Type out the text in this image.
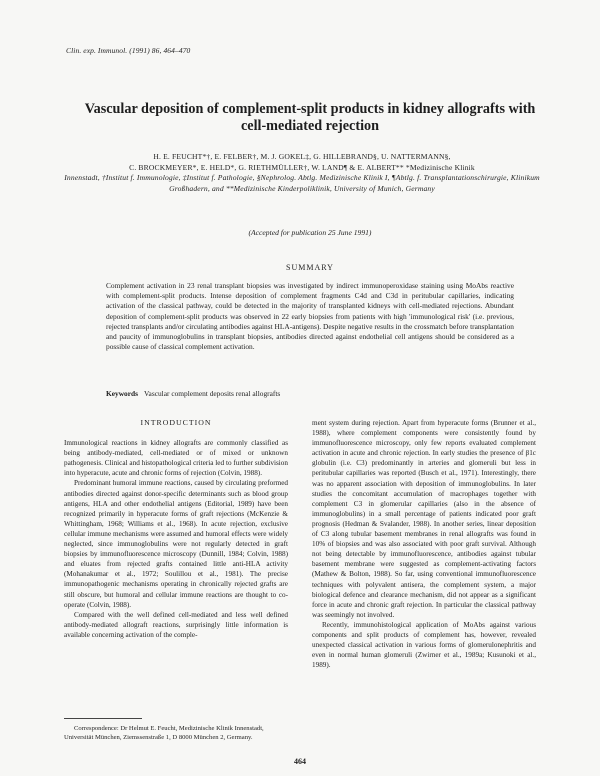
Clin. exp. Immunol. (1991) 86, 464–470
Vascular deposition of complement-split products in kidney allografts with cell-mediated rejection
H. E. FEUCHT*†, E. FELBER†, M. J. GOKEL‡, G. HILLEBRAND§, U. NATTERMANN§,
C. BROCKMEYER*, E. HELD*, G. RIETHMÜLLER†, W. LAND¶ & E. ALBERT** *Medizinische Klinik
Innenstadt, †Institut f. Immunologie, ‡Institut f. Pathologie, §Nephrolog. Abtlg. Medizinische Klinik I, ¶Abtlg. f. Transplantationschirurgie, Klinikum Großhadern, and **Medizinische Kinderpoliklinik, University of Munich, Germany
(Accepted for publication 25 June 1991)
SUMMARY
Complement activation in 23 renal transplant biopsies was investigated by indirect immunoperoxidase staining using MoAbs reactive with complement-split products. Intense deposition of complement fragments C4d and C3d in peritubular capillaries, indicating activation of the classical pathway, could be detected in the majority of transplanted kidneys with cell-mediated rejections. Abundant deposition of complement-split products was observed in 22 early biopsies from patients with high 'immunological risk' (i.e. previous, rejected transplants and/or circulating antibodies against HLA-antigens). Despite negative results in the crossmatch before transplantation and paucity of immunoglobulins in transplant biopsies, antibodies directed against endothelial cell antigens should be considered as a possible cause of classical complement activation.
Keywords Vascular complement deposits renal allografts
INTRODUCTION

Immunological reactions in kidney allografts are commonly classified as being antibody-mediated, cell-mediated or of mixed or unknown pathogenesis. Clinical and histopathological criteria led to further subdivision into hyperacute, acute and chronic forms of rejection (Colvin, 1988).

Predominant humoral immune reactions, caused by circulating preformed antibodies directed against donor-specific determinants such as blood group antigens, HLA and other endothelial antigens (Editorial, 1989) have been recognized primarily in hyperacute forms of graft rejections (McKenzie & Whittingham, 1968; Williams et al., 1968). In acute rejection, exclusive cellular immune mechanisms were assumed and humoral effects were widely neglected, since immunoglobulins were not regularly detected in graft biopsies by immunofluorescence microscopy (Dunnill, 1984; Colvin, 1988) and eluates from rejected grafts contained little anti-HLA activity (Mohanakumar et al., 1972; Soulillou et al., 1981). The precise immunopathogenic mechanisms operating in chronically rejected grafts are still obscure, but humoral and cellular immune reactions are thought to co-operate (Colvin, 1988).

Compared with the well defined cell-mediated and less well defined antibody-mediated allograft reactions, surprisingly little information is available concerning activation of the comple-

ment system during rejection. Apart from hyperacute forms (Brunner et al., 1988), where complement components were consistently found by immunofluorescence microscopy, only few reports evaluated complement activation in acute and chronic rejection. In early studies the presence of β1c globulin (i.e. C3) predominantly in arteries and glomeruli but less in peritubular capillaries was reported (Busch et al., 1971). Interestingly, there was no apparent association with deposition of immunoglobulins. In later studies the concomitant accumulation of macrophages together with complement C3 in glomerular capillaries (also in the absence of immunoglobulins) in a small percentage of patients indicated poor graft prognosis (Hedman & Svalander, 1988). In another series, linear deposition of C3 along tubular basement membranes in renal allografts was found in 10% of biopsies and was also associated with poor graft survival. Although not being detectable by immunofluorescence, antibodies against tubular basement membrane were suggested as complement-activating factors (Mathew & Bolton, 1988). So far, using conventional immunofluorescence techniques with polyvalent antisera, the complement system, a major biological defence and clearance mechanism, did not appear as a significant force in acute and chronic graft rejection. In particular the classical pathway was seemingly not involved.

Recently, immunohistological application of MoAbs against various components and split products of complement has, however, revealed unexpected classical activation in various forms of glomerulonephritis and even in normal human glomeruli (Zwirner et al., 1989a; Kusunoki et al., 1989).

Correspondence: Dr Helmut E. Feucht, Medizinische Klinik Innenstadt, Universität München, Ziemssenstraße 1, D 8000 München 2, Germany.
464
